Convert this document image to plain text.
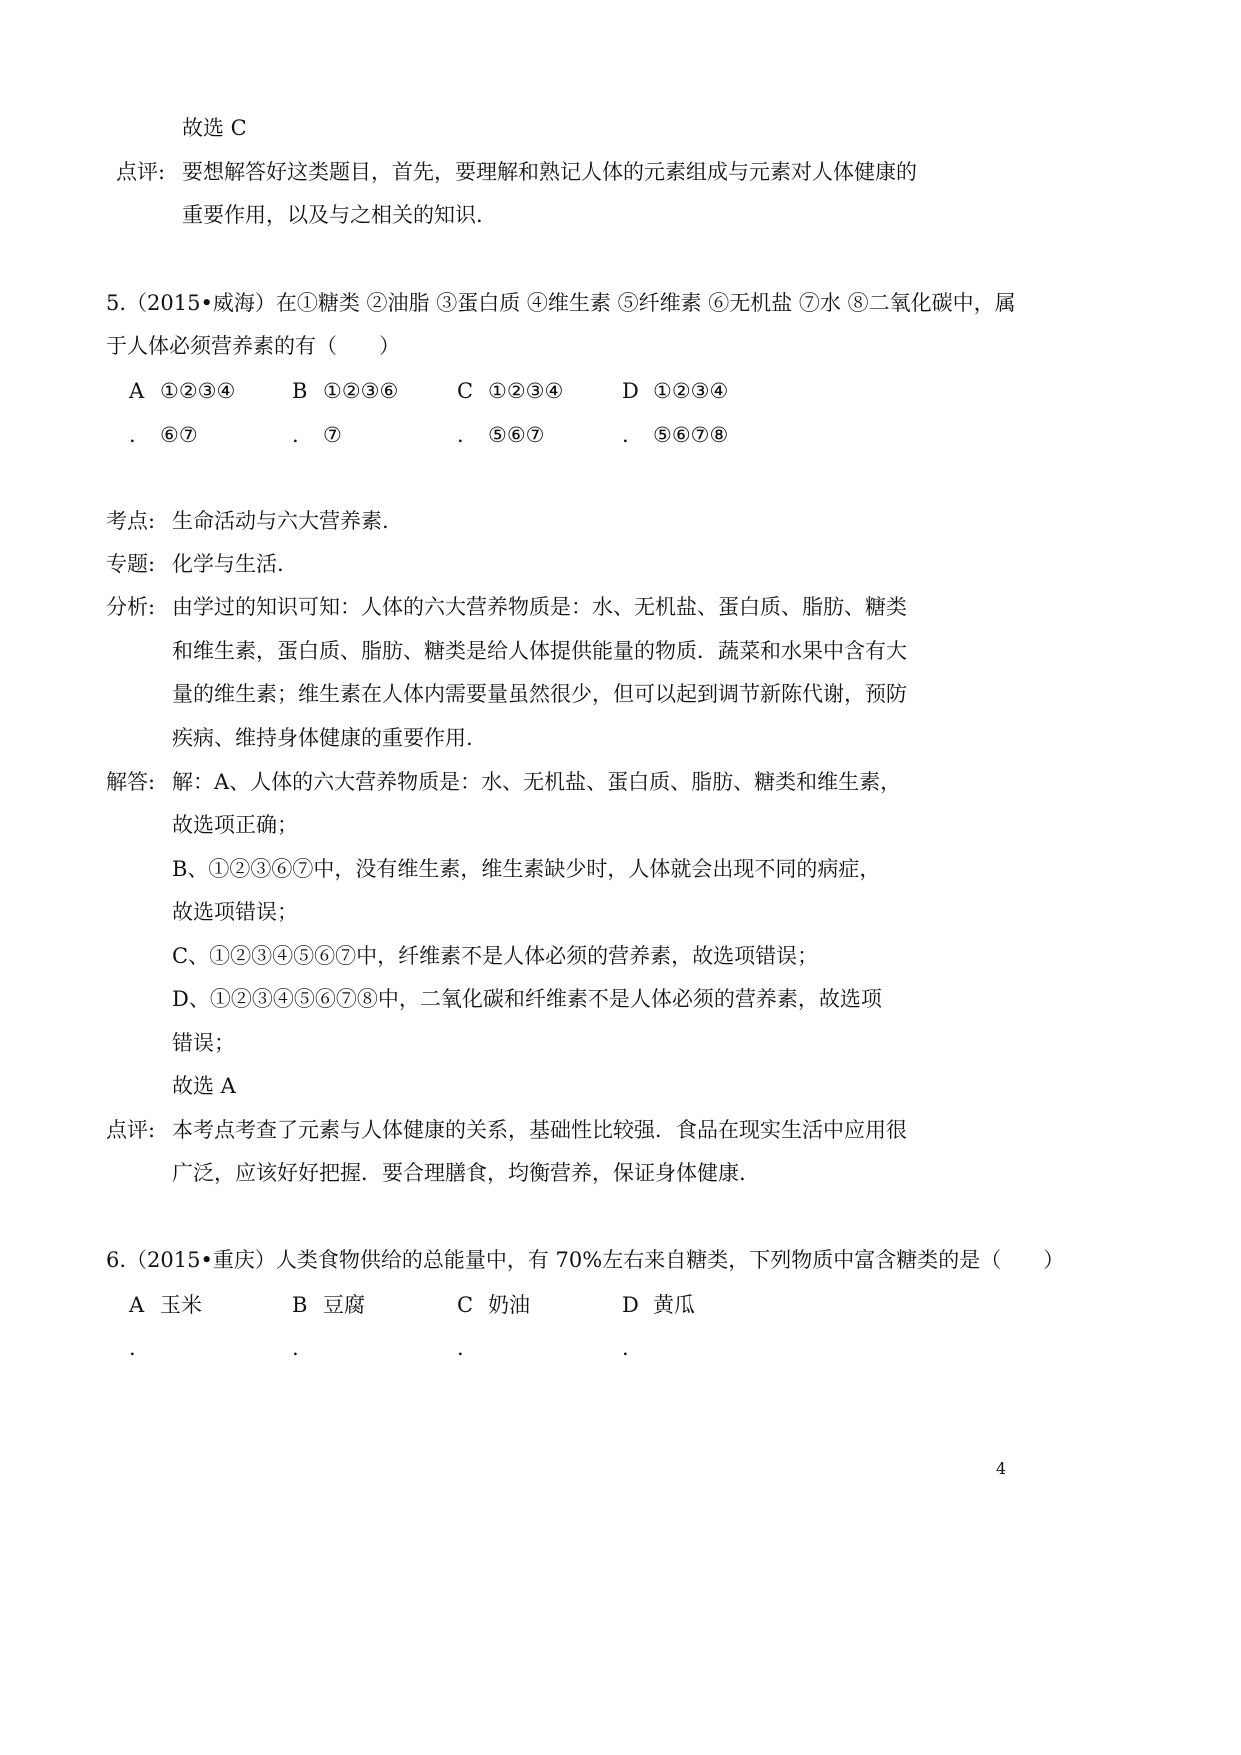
故选 C
点评: 要想解答好这类题目，首先，要理解和熟记人体的元素组成与元素对人体健康的
重要作用，以及与之相关的知识.
5.（2015•威海）在①糖类 ②油脂 ③蛋白质 ④维生素 ⑤纤维素 ⑥无机盐 ⑦水 ⑧二氧化碳中，属
于人体必须营养素的有（　　）
A
.
①②③④
⑥⑦
B
.
①②③⑥
⑦
C
.
①②③④
⑤⑥⑦
D
.
①②③④
⑤⑥⑦⑧
考点: 生命活动与六大营养素.
专题: 化学与生活.
分析: 由学过的知识可知：人体的六大营养物质是：水、无机盐、蛋白质、脂肪、糖类
和维生素，蛋白质、脂肪、糖类是给人体提供能量的物质．蔬菜和水果中含有大
量的维生素；维生素在人体内需要量虽然很少，但可以起到调节新陈代谢，预防
疾病、维持身体健康的重要作用.
解答: 解：A、人体的六大营养物质是：水、无机盐、蛋白质、脂肪、糖类和维生素，
故选项正确；
B、①②③⑥⑦中，没有维生素，维生素缺少时，人体就会出现不同的病症，
故选项错误；
C、①②③④⑤⑥⑦中，纤维素不是人体必须的营养素，故选项错误；
D、①②③④⑤⑥⑦⑧中，二氧化碳和纤维素不是人体必须的营养素，故选项
错误；
故选 A
点评: 本考点考查了元素与人体健康的关系，基础性比较强．食品在现实生活中应用很
广泛，应该好好把握．要合理膳食，均衡营养，保证身体健康.
6.（2015•重庆）人类食物供给的总能量中，有 70%左右来自糖类，下列物质中富含糖类的是（　　）
A
.
玉米	B
.
豆腐	C
.
奶油	D
.
黄瓜
4
